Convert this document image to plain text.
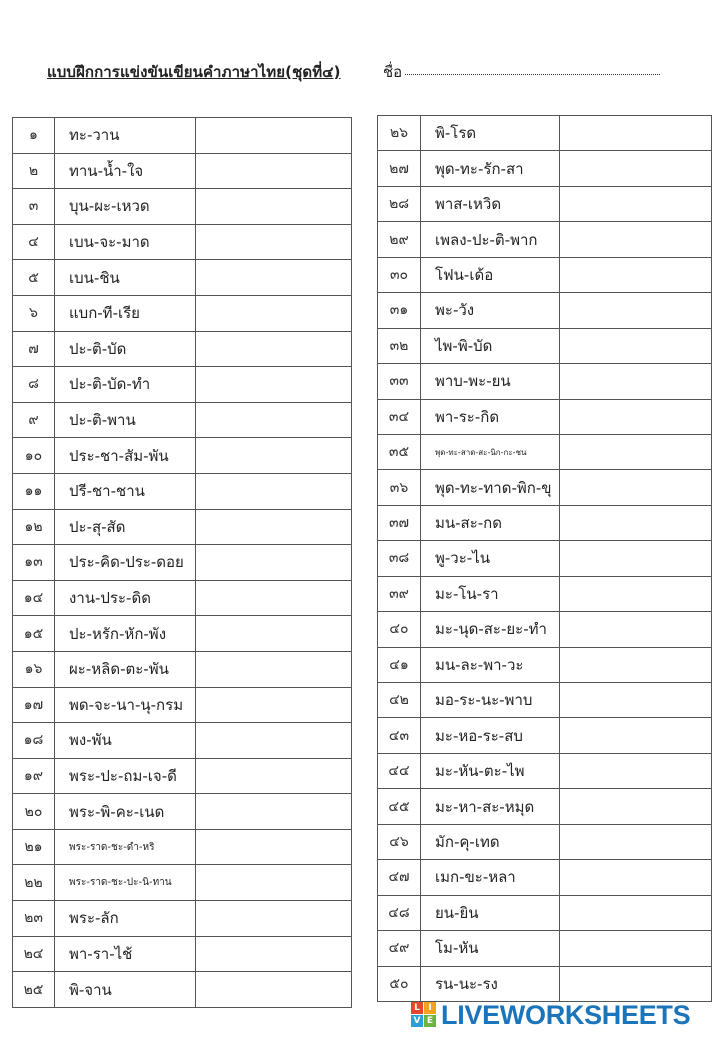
แบบฝึกการแข่งขันเขียนคำภาษาไทย(ชุดที่๔)	ชื่อ
๑	ทะ-วาน	
๒	ทาน-น้ำ-ใจ	
๓	บุน-ผะ-เหวด	
๔	เบน-จะ-มาด	
๕	เบน-ชิน	
๖	แบก-ที-เรีย	
๗	ปะ-ติ-บัด	
๘	ปะ-ติ-บัด-ทำ	
๙	ปะ-ติ-พาน	
๑๐	ประ-ชา-สัม-พัน	
๑๑	ปรี-ชา-ชาน	
๑๒	ปะ-สุ-สัด	
๑๓	ประ-คิด-ประ-ดอย	
๑๔	งาน-ประ-ดิด	
๑๕	ปะ-หรัก-หัก-พัง	
๑๖	ผะ-หลิด-ตะ-พัน	
๑๗	พด-จะ-นา-นุ-กรม	
๑๘	พง-พัน	
๑๙	พระ-ปะ-ถม-เจ-ดี	
๒๐	พระ-พิ-คะ-เนด	
๒๑	พระ-ราด-ชะ-ดำ-หริ	
๒๒	พระ-ราด-ชะ-ปะ-นิ-ทาน	
๒๓	พระ-ลัก	
๒๔	พา-รา-ไช้	
๒๕	พิ-จาน	
๒๖	พิ-โรด	
๒๗	พุด-ทะ-รัก-สา	
๒๘	พาส-เหวิด	
๒๙	เพลง-ปะ-ติ-พาก	
๓๐	โฟน-เด้อ	
๓๑	พะ-วัง	
๓๒	ไพ-พิ-บัด	
๓๓	พาบ-พะ-ยน	
๓๔	พา-ระ-กิด	
๓๕	พุด-ทะ-สาด-สะ-นิก-กะ-ชน	
๓๖	พุด-ทะ-ทาด-พิก-ขุ	
๓๗	มน-สะ-กด	
๓๘	พู-วะ-ไน	
๓๙	มะ-โน-รา	
๔๐	มะ-นุด-สะ-ยะ-ทำ	
๔๑	มน-ละ-พา-วะ	
๔๒	มอ-ระ-นะ-พาบ	
๔๓	มะ-หอ-ระ-สบ	
๔๔	มะ-หัน-ตะ-ไพ	
๔๕	มะ-หา-สะ-หมุด	
๔๖	มัก-คุ-เทด	
๔๗	เมก-ขะ-หลา	
๔๘	ยน-ยิน	
๔๙	โม-หัน	
๕๐	รน-นะ-รง	
L I
V E LIVEWORKSHEETS
